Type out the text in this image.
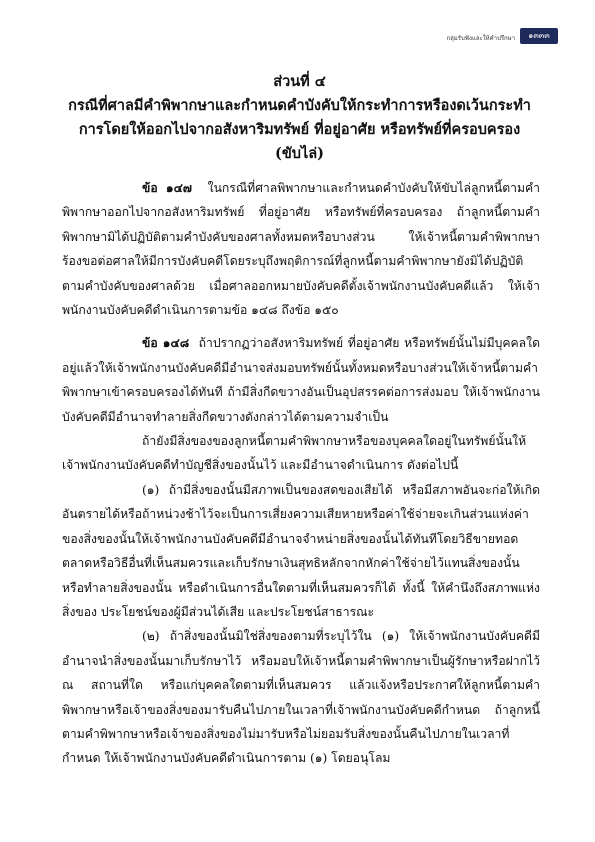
กลุ่มรับฟังและให้คำปรึกษา	๑๓๓๓
ส่วนที่ ๔
กรณีที่ศาลมีคำพิพากษาและกำหนดคำบังคับให้กระทำการหรืองดเว้นกระทำ
การโดยให้ออกไปจากอสังหาริมทรัพย์ ที่อยู่อาศัย หรือทรัพย์ที่ครอบครอง
(ขับไล่)

ข้อ ๑๔๗ ในกรณีที่ศาลพิพากษาและกำหนดคำบังคับให้ขับไล่ลูกหนี้ตามคำพิพากษาออกไปจากอสังหาริมทรัพย์ ที่อยู่อาศัย หรือทรัพย์ที่ครอบครอง ถ้าลูกหนี้ตามคำพิพากษามิได้ปฏิบัติตามคำบังคับของศาลทั้งหมดหรือบางส่วน ให้เจ้าหนี้ตามคำพิพากษาร้องขอต่อศาลให้มีการบังคับคดีโดยระบุถึงพฤติการณ์ที่ลูกหนี้ตามคำพิพากษายังมิได้ปฏิบัติตามคำบังคับของศาลด้วย เมื่อศาลออกหมายบังคับคดีตั้งเจ้าพนักงานบังคับคดีแล้ว ให้เจ้าพนักงานบังคับคดีดำเนินการตามข้อ ๑๔๘ ถึงข้อ ๑๕๐

ข้อ ๑๔๘ ถ้าปรากฏว่าอสังหาริมทรัพย์ ที่อยู่อาศัย หรือทรัพย์นั้นไม่มีบุคคลใดอยู่แล้วให้เจ้าพนักงานบังคับคดีมีอำนาจส่งมอบทรัพย์นั้นทั้งหมดหรือบางส่วนให้เจ้าหนี้ตามคำพิพากษาเข้าครอบครองได้ทันที ถ้ามีสิ่งกีดขวางอันเป็นอุปสรรคต่อการส่งมอบ ให้เจ้าพนักงานบังคับคดีมีอำนาจทำลายสิ่งกีดขวางดังกล่าวได้ตามความจำเป็น

ถ้ายังมีสิ่งของของลูกหนี้ตามคำพิพากษาหรือของบุคคลใดอยู่ในทรัพย์นั้นให้เจ้าพนักงานบังคับคดีทำบัญชีสิ่งของนั้นไว้ และมีอำนาจดำเนินการ ดังต่อไปนี้

(๑) ถ้ามีสิ่งของนั้นมีสภาพเป็นของสดของเสียได้ หรือมีสภาพอันจะก่อให้เกิดอันตรายได้หรือถ้าหน่วงช้าไว้จะเป็นการเสี่ยงความเสียหายหรือค่าใช้จ่ายจะเกินส่วนแห่งค่าของสิ่งของนั้นให้เจ้าพนักงานบังคับคดีมีอำนาจจำหน่ายสิ่งของนั้นได้ทันทีโดยวิธีขายทอดตลาดหรือวิธีอื่นที่เห็นสมควรและเก็บรักษาเงินสุทธิหลักจากหักค่าใช้จ่ายไว้แทนสิ่งของนั้น หรือทำลายสิ่งของนั้น หรือดำเนินการอื่นใดตามที่เห็นสมควรก็ได้ ทั้งนี้ ให้คำนึงถึงสภาพแห่งสิ่งของ ประโยชน์ของผู้มีส่วนได้เสีย และประโยชน์สาธารณะ

(๒) ถ้าสิ่งของนั้นมิใช่สิ่งของตามที่ระบุไว้ใน (๑) ให้เจ้าพนักงานบังคับคดีมีอำนาจนำสิ่งของนั้นมาเก็บรักษาไว้ หรือมอบให้เจ้าหนี้ตามคำพิพากษาเป็นผู้รักษาหรือฝากไว้ ณ สถานที่ใด หรือแก่บุคคลใดตามที่เห็นสมควร แล้วแจ้งหรือประกาศให้ลูกหนี้ตามคำพิพากษาหรือเจ้าของสิ่งของมารับคืนไปภายในเวลาที่เจ้าพนักงานบังคับคดีกำหนด ถ้าลูกหนี้ตามคำพิพากษาหรือเจ้าของสิ่งของไม่มารับหรือไม่ยอมรับสิ่งของนั้นคืนไปภายในเวลาที่กำหนด ให้เจ้าพนักงานบังคับคดีดำเนินการตาม (๑) โดยอนุโลม
